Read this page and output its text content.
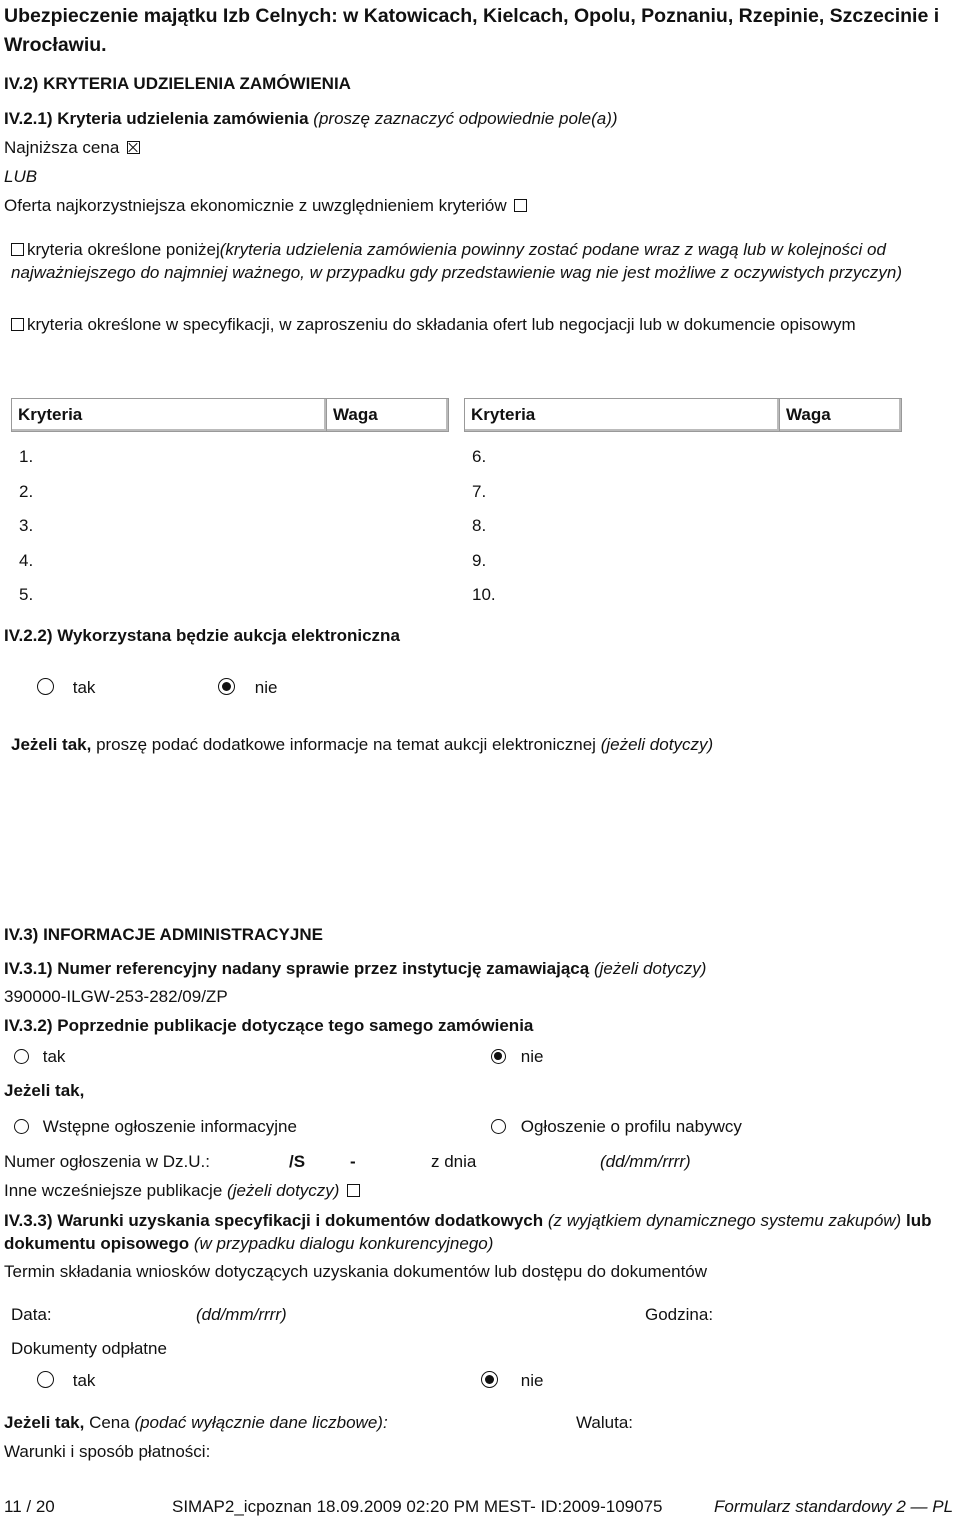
Ubezpieczenie majątku Izb Celnych: w Katowicach, Kielcach, Opolu, Poznaniu, Rzepinie, Szczecinie i Wrocławiu.
IV.2) KRYTERIA UDZIELENIA ZAMÓWIENIA
IV.2.1) Kryteria udzielenia zamówienia (proszę zaznaczyć odpowiednie pole(a))
Najniższa cena
LUB
Oferta najkorzystniejsza ekonomicznie z uwzględnieniem kryteriów
kryteria określone poniżej(kryteria udzielenia zamówienia powinny zostać podane wraz z wagą lub w kolejności od najważniejszego do najmniej ważnego, w przypadku gdy przedstawienie wag nie jest możliwe z oczywistych przyczyn)
kryteria określone w specyfikacji, w zaproszeniu do składania ofert lub negocjacji lub w dokumencie opisowym
Kryteria	Waga	Kryteria	Waga
1.
2.
3.
4.
5.
6.
7.
8.
9.
10.
IV.2.2) Wykorzystana będzie aukcja elektroniczna
tak	nie
Jeżeli tak, proszę podać dodatkowe informacje na temat aukcji elektronicznej (jeżeli dotyczy)
IV.3) INFORMACJE ADMINISTRACYJNE
IV.3.1) Numer referencyjny nadany sprawie przez instytucję zamawiającą (jeżeli dotyczy)
390000-ILGW-253-282/09/ZP
IV.3.2) Poprzednie publikacje dotyczące tego samego zamówienia
tak	nie
Jeżeli tak,
Wstępne ogłoszenie informacyjne	Ogłoszenie o profilu nabywcy
Numer ogłoszenia w Dz.U.:	/S	-	z dnia	(dd/mm/rrrr)
Inne wcześniejsze publikacje (jeżeli dotyczy)
IV.3.3) Warunki uzyskania specyfikacji i dokumentów dodatkowych (z wyjątkiem dynamicznego systemu zakupów) lub dokumentu opisowego (w przypadku dialogu konkurencyjnego)
Termin składania wniosków dotyczących uzyskania dokumentów lub dostępu do dokumentów
Data:	(dd/mm/rrrr)	Godzina:
Dokumenty odpłatne
tak	nie
Jeżeli tak, Cena (podać wyłącznie dane liczbowe):	Waluta:
Warunki i sposób płatności:
11 / 20	SIMAP2_icpoznan 18.09.2009 02:20 PM MEST- ID:2009-109075	Formularz standardowy 2 — PL
